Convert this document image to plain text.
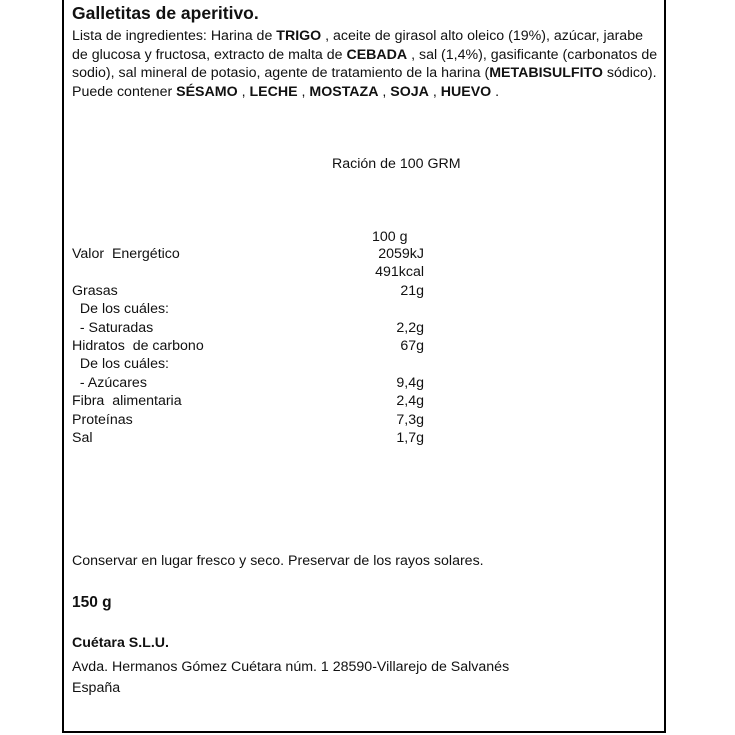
Galletitas de aperitivo.
Lista de ingredientes: Harina de TRIGO , aceite de girasol alto oleico (19%), azúcar, jarabe de glucosa y fructosa, extracto de malta de CEBADA , sal (1,4%), gasificante (carbonatos de sodio), sal mineral de potasio, agente de tratamiento de la harina (METABISULFITO sódico). Puede contener SÉSAMO , LECHE , MOSTAZA , SOJA , HUEVO .
Ración de 100 GRM
100 g
Valor  Energético	2059kJ
491kcal
Grasas	21g
De los cuáles:
- Saturadas	2,2g
Hidratos  de carbono	67g
De los cuáles:
- Azúcares	9,4g
Fibra  alimentaria	2,4g
Proteínas	7,3g
Sal	1,7g
Conservar en lugar fresco y seco. Preservar de los rayos solares.
150 g
Cuétara S.L.U.
Avda. Hermanos Gómez Cuétara núm. 1 28590-Villarejo de Salvanés
España
